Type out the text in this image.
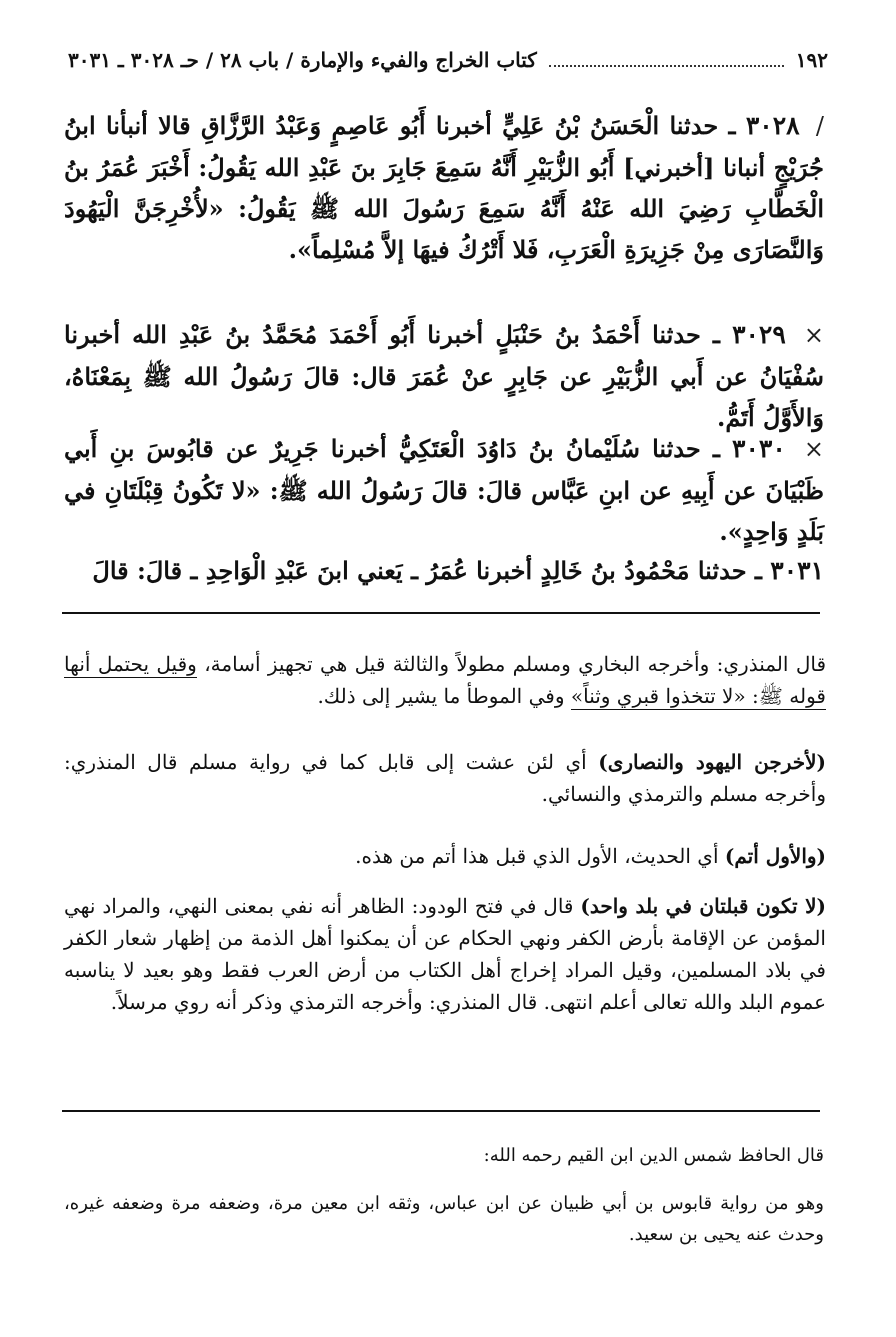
١٩٢
كتاب الخراج والفيء والإمارة / باب ٢٨ / حـ ٣٠٢٨ ـ ٣٠٣١
/ ٣٠٢٨ ـ حدثنا الْحَسَنُ بْنُ عَلِيٍّ أخبرنا أَبُو عَاصِمٍ وَعَبْدُ الرَّزَّاقِ قالا أنبأنا ابنُ جُرَيْجٍ أنبانا [أخبرني] أَبُو الزُّبَيْرِ أَنَّهُ سَمِعَ جَابِرَ بنَ عَبْدِ الله يَقُولُ: أَخْبَرَ عُمَرُ بنُ الْخَطَّابِ رَضِيَ الله عَنْهُ أَنَّهُ سَمِعَ رَسُولَ الله ﷺ يَقُولُ: «لأُخْرِجَنَّ الْيَهُودَ وَالنَّصَارَى مِنْ جَزِيرَةِ الْعَرَبِ، فَلا أَتْرُكُ فيهَا إلاَّ مُسْلِماً».
× ٣٠٢٩ ـ حدثنا أَحْمَدُ بنُ حَنْبَلٍ أخبرنا أَبُو أَحْمَدَ مُحَمَّدُ بنُ عَبْدِ الله أخبرنا سُفْيَانُ عن أَبي الزُّبَيْرِ عن جَابِرٍ عنْ عُمَرَ قال: قالَ رَسُولُ الله ﷺ بِمَعْنَاهُ، وَالأَوَّلُ أَتَمُّ.
× ٣٠٣٠ ـ حدثنا سُلَيْمانُ بنُ دَاوُدَ الْعَتَكِيُّ أخبرنا جَرِيرٌ عن قابُوسَ بنِ أَبي ظَبْيَانَ عن أَبِيهِ عن ابنِ عَبَّاس قالَ: قالَ رَسُولُ الله ﷺ: «لا تَكُونُ قِبْلَتَانِ في بَلَدٍ وَاحِدٍ».
٣٠٣١ ـ حدثنا مَحْمُودُ بنُ خَالِدٍ أخبرنا عُمَرُ ـ يَعني ابنَ عَبْدِ الْوَاحِدِ ـ قالَ: قالَ
قال المنذري: وأخرجه البخاري ومسلم مطولاً والثالثة قيل هي تجهيز أسامة، وقيل يحتمل أنها قوله ﷺ: «لا تتخذوا قبري وثناً» وفي الموطأ ما يشير إلى ذلك.
(لأخرجن اليهود والنصارى) أي لئن عشت إلى قابل كما في رواية مسلم قال المنذري: وأخرجه مسلم والترمذي والنسائي.
(والأول أتم) أي الحديث، الأول الذي قبل هذا أتم من هذه.
(لا تكون قبلتان في بلد واحد) قال في فتح الودود: الظاهر أنه نفي بمعنى النهي، والمراد نهي المؤمن عن الإقامة بأرض الكفر ونهي الحكام عن أن يمكنوا أهل الذمة من إظهار شعار الكفر في بلاد المسلمين، وقيل المراد إخراج أهل الكتاب من أرض العرب فقط وهو بعيد لا يناسبه عموم البلد والله تعالى أعلم انتهى. قال المنذري: وأخرجه الترمذي وذكر أنه روي مرسلاً.
قال الحافظ شمس الدين ابن القيم رحمه الله:
وهو من رواية قابوس بن أبي ظبيان عن ابن عباس، وثقه ابن معين مرة، وضعفه مرة وضعفه غيره، وحدث عنه يحيى بن سعيد.
